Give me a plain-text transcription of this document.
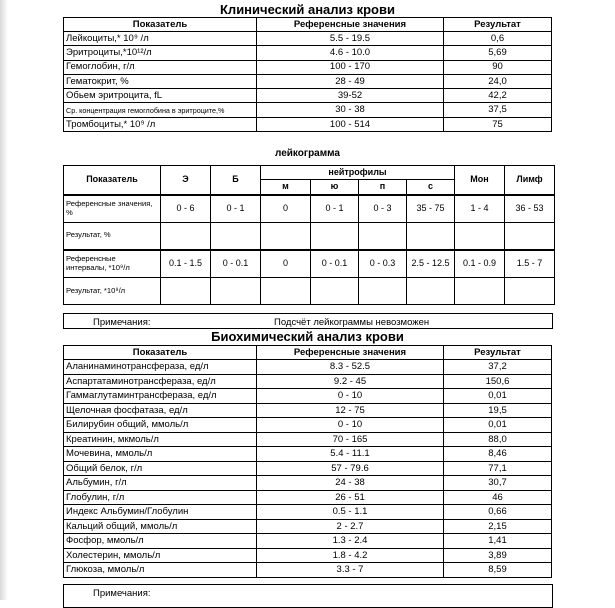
Клинический анализ крови
Показатель	Референсные значения	Результат
Лейкоциты,* 10⁹ /л	5.5 - 19.5	0,6
Эритроциты,*10¹²/л	4.6 - 10.0	5,69
Гемоглобин, г/л	100 - 170	90
Гематокрит, %	28 - 49	24,0
Обьем эритроцита, fL	39-52	42,2
Ср. концентрация гемоглобина в эритроците,%	30 - 38	37,5
Тромбоциты,* 10⁹ /л	100 - 514	75
лейкограмма
Показатель	Э	Б	нейтрофилы				Мон	Лимф
			м	ю	п	с		
Референсные значения, %	0 - 6	0 - 1	0	0 - 1	0 - 3	35 - 75	1 - 4	36 - 53
Результат, %								
Референсные интервалы, *10⁹/л	0.1 - 1.5	0 - 0.1	0	0 - 0.1	0 - 0.3	2.5 - 12.5	0.1 - 0.9	1.5 - 7
Результат, *10⁹/л								
Примечания:	Подсчёт лейкограммы невозможен
Биохимический анализ крови
Показатель	Референсные значения	Результат
Аланинаминотрансфераза, ед/л	8.3 - 52.5	37,2
Аспартатаминотрансфераза, ед/л	9.2 - 45	150,6
Гаммаглутаминтрансфераза, ед/л	0 - 10	0,01
Щелочная фосфатаза, ед/л	12 - 75	19,5
Билирубин общий, ммоль/л	0 - 10	0,01
Креатинин, мкмоль/л	70 - 165	88,0
Мочевина, ммоль/л	5.4 - 11.1	8,46
Общий белок, г/л	57 - 79.6	77,1
Альбумин, г/л	24 - 38	30,7
Глобулин, г/л	26 - 51	46
Индекс Альбумин/Глобулин	0.5 - 1.1	0,66
Кальций общий, ммоль/л	2 - 2.7	2,15
Фосфор, ммоль/л	1.3 - 2.4	1,41
Холестерин, ммоль/л	1.8 - 4.2	3,89
Глюкоза, ммоль/л	3.3 - 7	8,59
Примечания:
